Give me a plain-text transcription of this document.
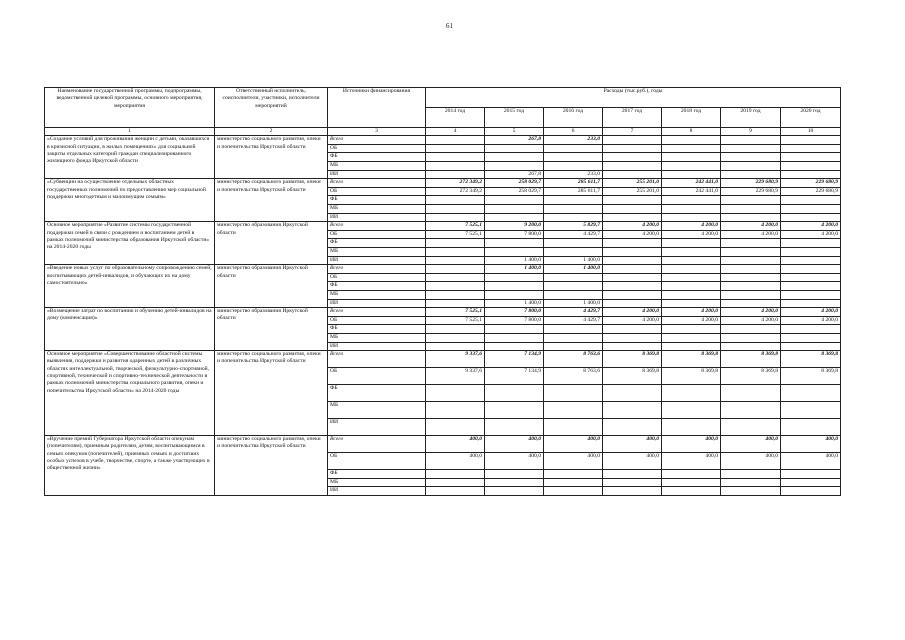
61
Наименование государственной программы, подпрограммы, ведомственной целевой программы, основного мероприятия, мероприятия	Ответственный исполнитель, соисполнители, участники, исполнители мероприятий	Источники финансирования	Расходы (тыс.руб.), годы						
			2014 год	2015 год	2016 год	2017 год	2018 год	2019 год	2020 год
1	2	3	4	5	6	7	8	9	10
«Создание условий для проживания женщин с детьми, оказавшихся в кризисной ситуации, в жилых помещениях» для социальной защиты отдельных категорий граждан специализированного жилищного фонда Иркутской области	министерство социального развития, опеки и попечительства Иркутской области	Всего		267,8	233,0				
		ОБ							
		ФБ							
		МБ							
		ИИ		267,8	233,0				
«Субвенции на осуществление отдельных областных государственных полномочий по предоставлению мер социальной поддержки многодетным и малоимущим семьям»	министерство социального развития, опеки и попечительства Иркутской области	Всего	272 349,2	258 029,7	285 611,7	255 201,0	242 441,0	229 680,9	229 680,9
		ОБ	272 349,2	258 029,7	285 611,7	255 201,0	242 441,0	229 680,9	229 680,9
		ФБ							
		МБ							
		ИИ							
Основное мероприятие «Развитие системы государственной поддержки семей в связи с рождением и воспитанием детей в рамках полномочий министерства образования Иркутской области» на 2014-2020 годы	министерство образования Иркутской области	Всего	7 525,1	9 200,0	5 829,7	4 200,0	4 200,0	4 200,0	4 200,0
		ОБ	7 525,1	7 800,0	4 429,7	4 200,0	4 200,0	4 200,0	4 200,0
		ФБ							
		МБ							
		ИИ		1 400,0	1 400,0				
«Введение новых услуг по образовательному сопровождению семей, воспитывающих детей-инвалидов, и обучающих их на дому самостоятельно»	министерство образования Иркутской области	Всего		1 400,0	1 400,0				
		ОБ							
		ФБ							
		МБ							
		ИИ		1 400,0	1 400,0				
«Возмещение затрат по воспитанию и обучению детей-инвалидов на дому (компенсация)»	министерство образования Иркутской области	Всего	7 525,1	7 800,0	4 429,7	4 200,0	4 200,0	4 200,0	4 200,0
		ОБ	7 525,1	7 800,0	4 429,7	4 200,0	4 200,0	4 200,0	4 200,0
		ФБ							
		МБ							
		ИИ							
Основное мероприятие «Совершенствование областной системы выявления, поддержки и развития одаренных детей в различных областях интеллектуальной, творческой, физкультурно-спортивной, спортивной, технической и спортивно-технической деятельности в рамках полномочий министерства социального развития, опеки и попечительства Иркутской области» на 2014-2020 годы	министерство социального развития, опеки и попечительства Иркутской области	Всего	9 337,6	7 134,9	8 763,6	8 369,8	8 369,8	8 369,8	8 369,8
		ОБ	9 337,6	7 134,9	8 763,6	8 369,8	8 369,8	8 369,8	8 369,8
		ФБ							
		МБ							
		ИИ							
«Вручение премий Губернатора Иркутской области опекунам (попечителям), приемным родителям, детям, воспитывающимся в семьях опекунов (попечителей), приемных семьях и достигших особых успехов в учебе, творчестве, спорте, а также участвующих в общественной жизни»	министерство социального развития, опеки и попечительства Иркутской области	Всего	400,0	400,0	400,0	400,0	400,0	400,0	400,0
		ОБ	400,0	400,0	400,0	400,0	400,0	400,0	400,0
		ФБ							
		МБ							
		ИИ							
